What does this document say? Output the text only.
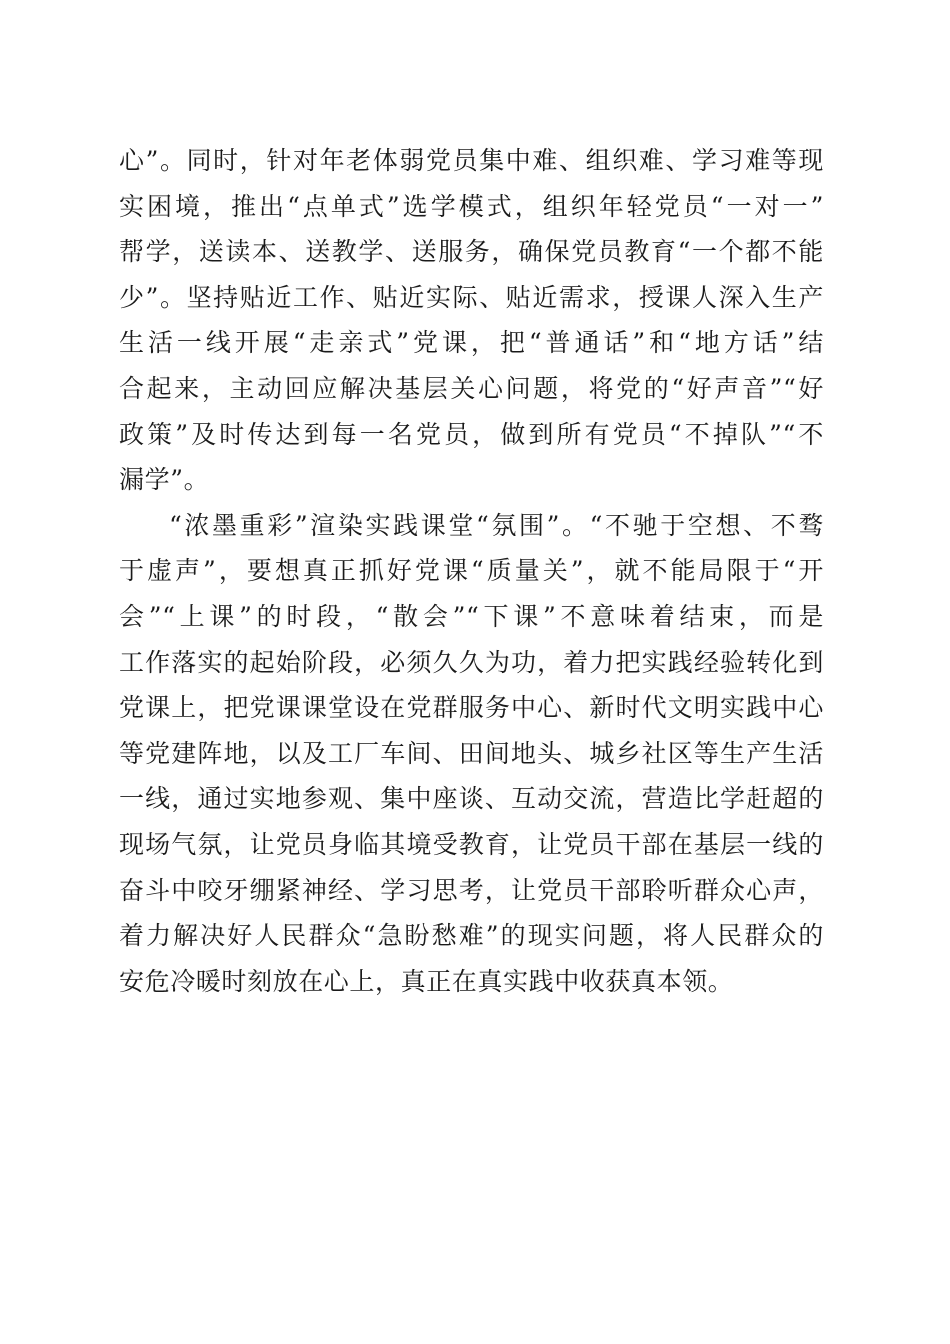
心”。同时，针对年老体弱党员集中难、组织难、学习难等现
实困境，推出“点单式”选学模式，组织年轻党员“一对一”
帮学，送读本、送教学、送服务，确保党员教育“一个都不能
少”。坚持贴近工作、贴近实际、贴近需求，授课人深入生产
生活一线开展“走亲式”党课，把“普通话”和“地方话”结
合起来，主动回应解决基层关心问题，将党的“好声音”“好
政策”及时传达到每一名党员，做到所有党员“不掉队”“不
漏学”。

“浓墨重彩”渲染实践课堂“氛围”。“不驰于空想、不骛
于虚声”，要想真正抓好党课“质量关”，就不能局限于“开
会”“上课”的时段，“散会”“下课”不意味着结束，而是
工作落实的起始阶段，必须久久为功，着力把实践经验转化到
党课上，把党课课堂设在党群服务中心、新时代文明实践中心
等党建阵地，以及工厂车间、田间地头、城乡社区等生产生活
一线，通过实地参观、集中座谈、互动交流，营造比学赶超的
现场气氛，让党员身临其境受教育，让党员干部在基层一线的
奋斗中咬牙绷紧神经、学习思考，让党员干部聆听群众心声，
着力解决好人民群众“急盼愁难”的现实问题，将人民群众的
安危冷暖时刻放在心上，真正在真实践中收获真本领。
